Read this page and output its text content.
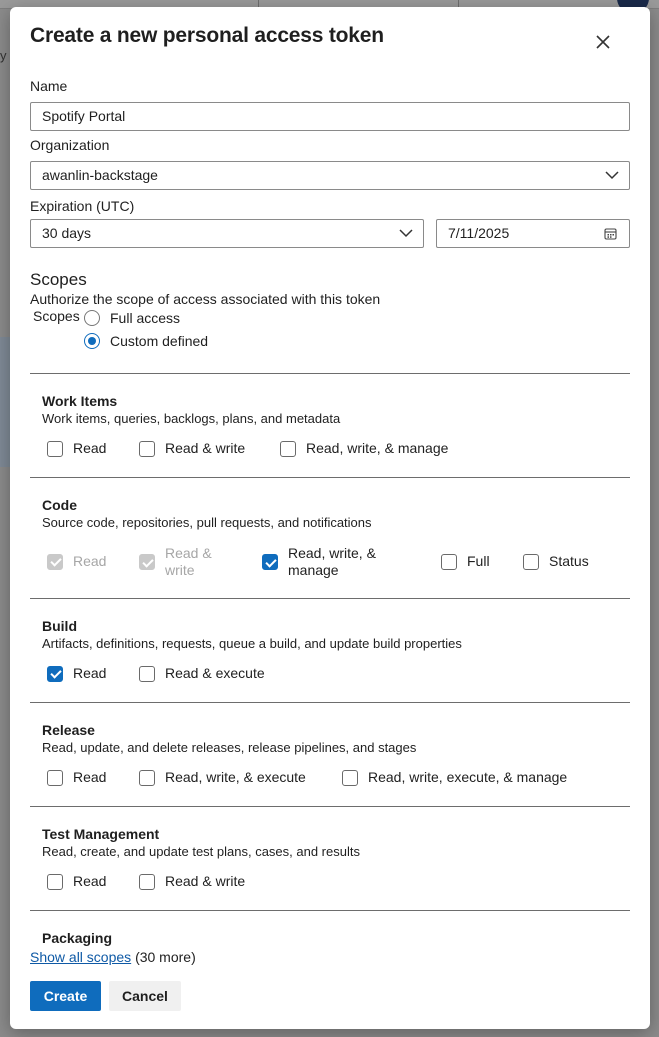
y
Create a new personal access token
Name
Spotify Portal
Organization
awanlin-backstage
Expiration (UTC)
30 days	7/11/2025
Scopes
Authorize the scope of access associated with this token
Scopes Full access
Custom defined
Work Items
Work items, queries, backlogs, plans, and metadata
Read	Read & write	Read, write, & manage
Code
Source code, repositories, pull requests, and notifications
Read	Read & write
Read, write, & manage
Full	Status
Build
Artifacts, definitions, requests, queue a build, and update build properties
Read	Read & execute
Release
Read, update, and delete releases, release pipelines, and stages
Read	Read, write, & execute	Read, write, execute, & manage
Test Management
Read, create, and update test plans, cases, and results
Read	Read & write
Packaging
Show all scopes (30 more)
Create	Cancel
